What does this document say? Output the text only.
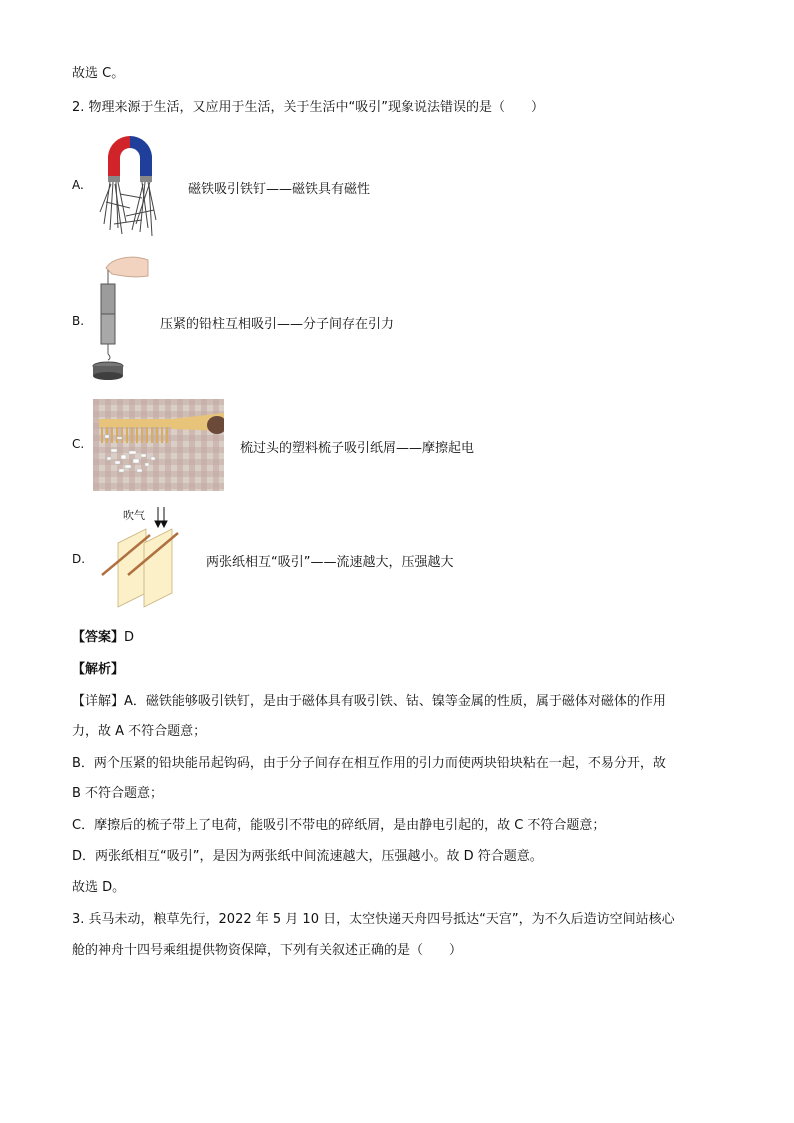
故选 C。
2. 物理来源于生活，又应用于生活，关于生活中“吸引”现象说法错误的是（　　）
A.	磁铁吸引铁钉——磁铁具有磁性
B.	压紧的铅柱互相吸引——分子间存在引力
C.	梳过头的塑料梳子吸引纸屑——摩擦起电
D.
吹气
两张纸相互“吸引”——流速越大，压强越大
【答案】D
【解析】
【详解】A．磁铁能够吸引铁钉，是由于磁体具有吸引铁、钴、镍等金属的性质，属于磁体对磁体的作用
力，故 A 不符合题意；
B．两个压紧的铅块能吊起钩码，由于分子间存在相互作用的引力而使两块铅块粘在一起，不易分开，故
B 不符合题意；
C．摩擦后的梳子带上了电荷，能吸引不带电的碎纸屑，是由静电引起的，故 C 不符合题意；
D．两张纸相互“吸引”，是因为两张纸中间流速越大，压强越小。故 D 符合题意。
故选 D。
3. 兵马未动，粮草先行，2022 年 5 月 10 日，太空快递天舟四号抵达“天宫”，为不久后造访空间站核心
舱的神舟十四号乘组提供物资保障，下列有关叙述正确的是（　　）
